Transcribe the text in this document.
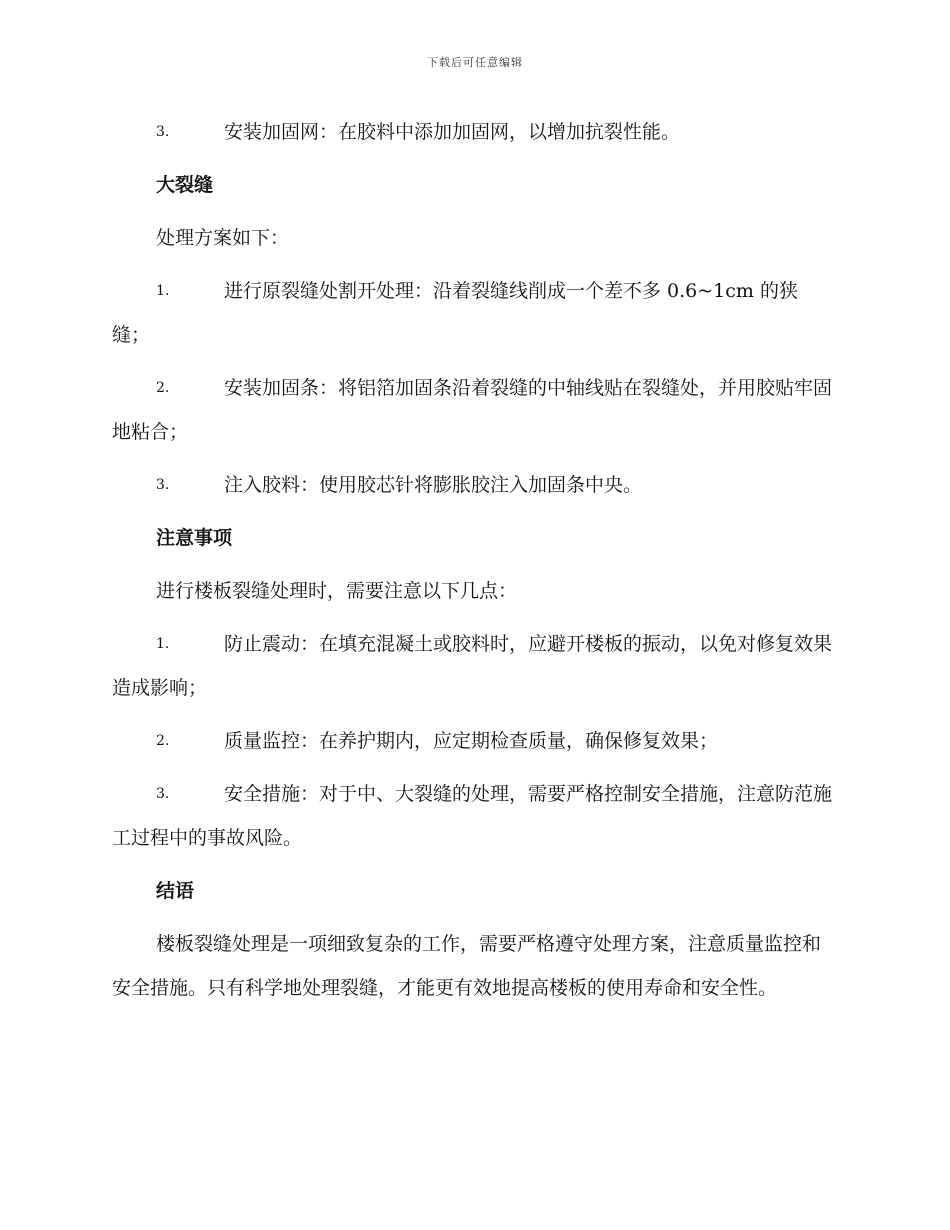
下载后可任意编辑
3.	安装加固网：在胶料中添加加固网，以增加抗裂性能。
大裂缝
处理方案如下：
1.	进行原裂缝处割开处理：沿着裂缝线削成一个差不多 0.6~1cm 的狭缝；
2.	安装加固条：将铝箔加固条沿着裂缝的中轴线贴在裂缝处，并用胶贴牢固地粘合；
3.	注入胶料：使用胶芯针将膨胀胶注入加固条中央。
注意事项
进行楼板裂缝处理时，需要注意以下几点：
1.	防止震动：在填充混凝土或胶料时，应避开楼板的振动，以免对修复效果造成影响；
2.	质量监控：在养护期内，应定期检查质量，确保修复效果；
3.	安全措施：对于中、大裂缝的处理，需要严格控制安全措施，注意防范施工过程中的事故风险。
结语
楼板裂缝处理是一项细致复杂的工作，需要严格遵守处理方案，注意质量监控和安全措施。只有科学地处理裂缝，才能更有效地提高楼板的使用寿命和安全性。
